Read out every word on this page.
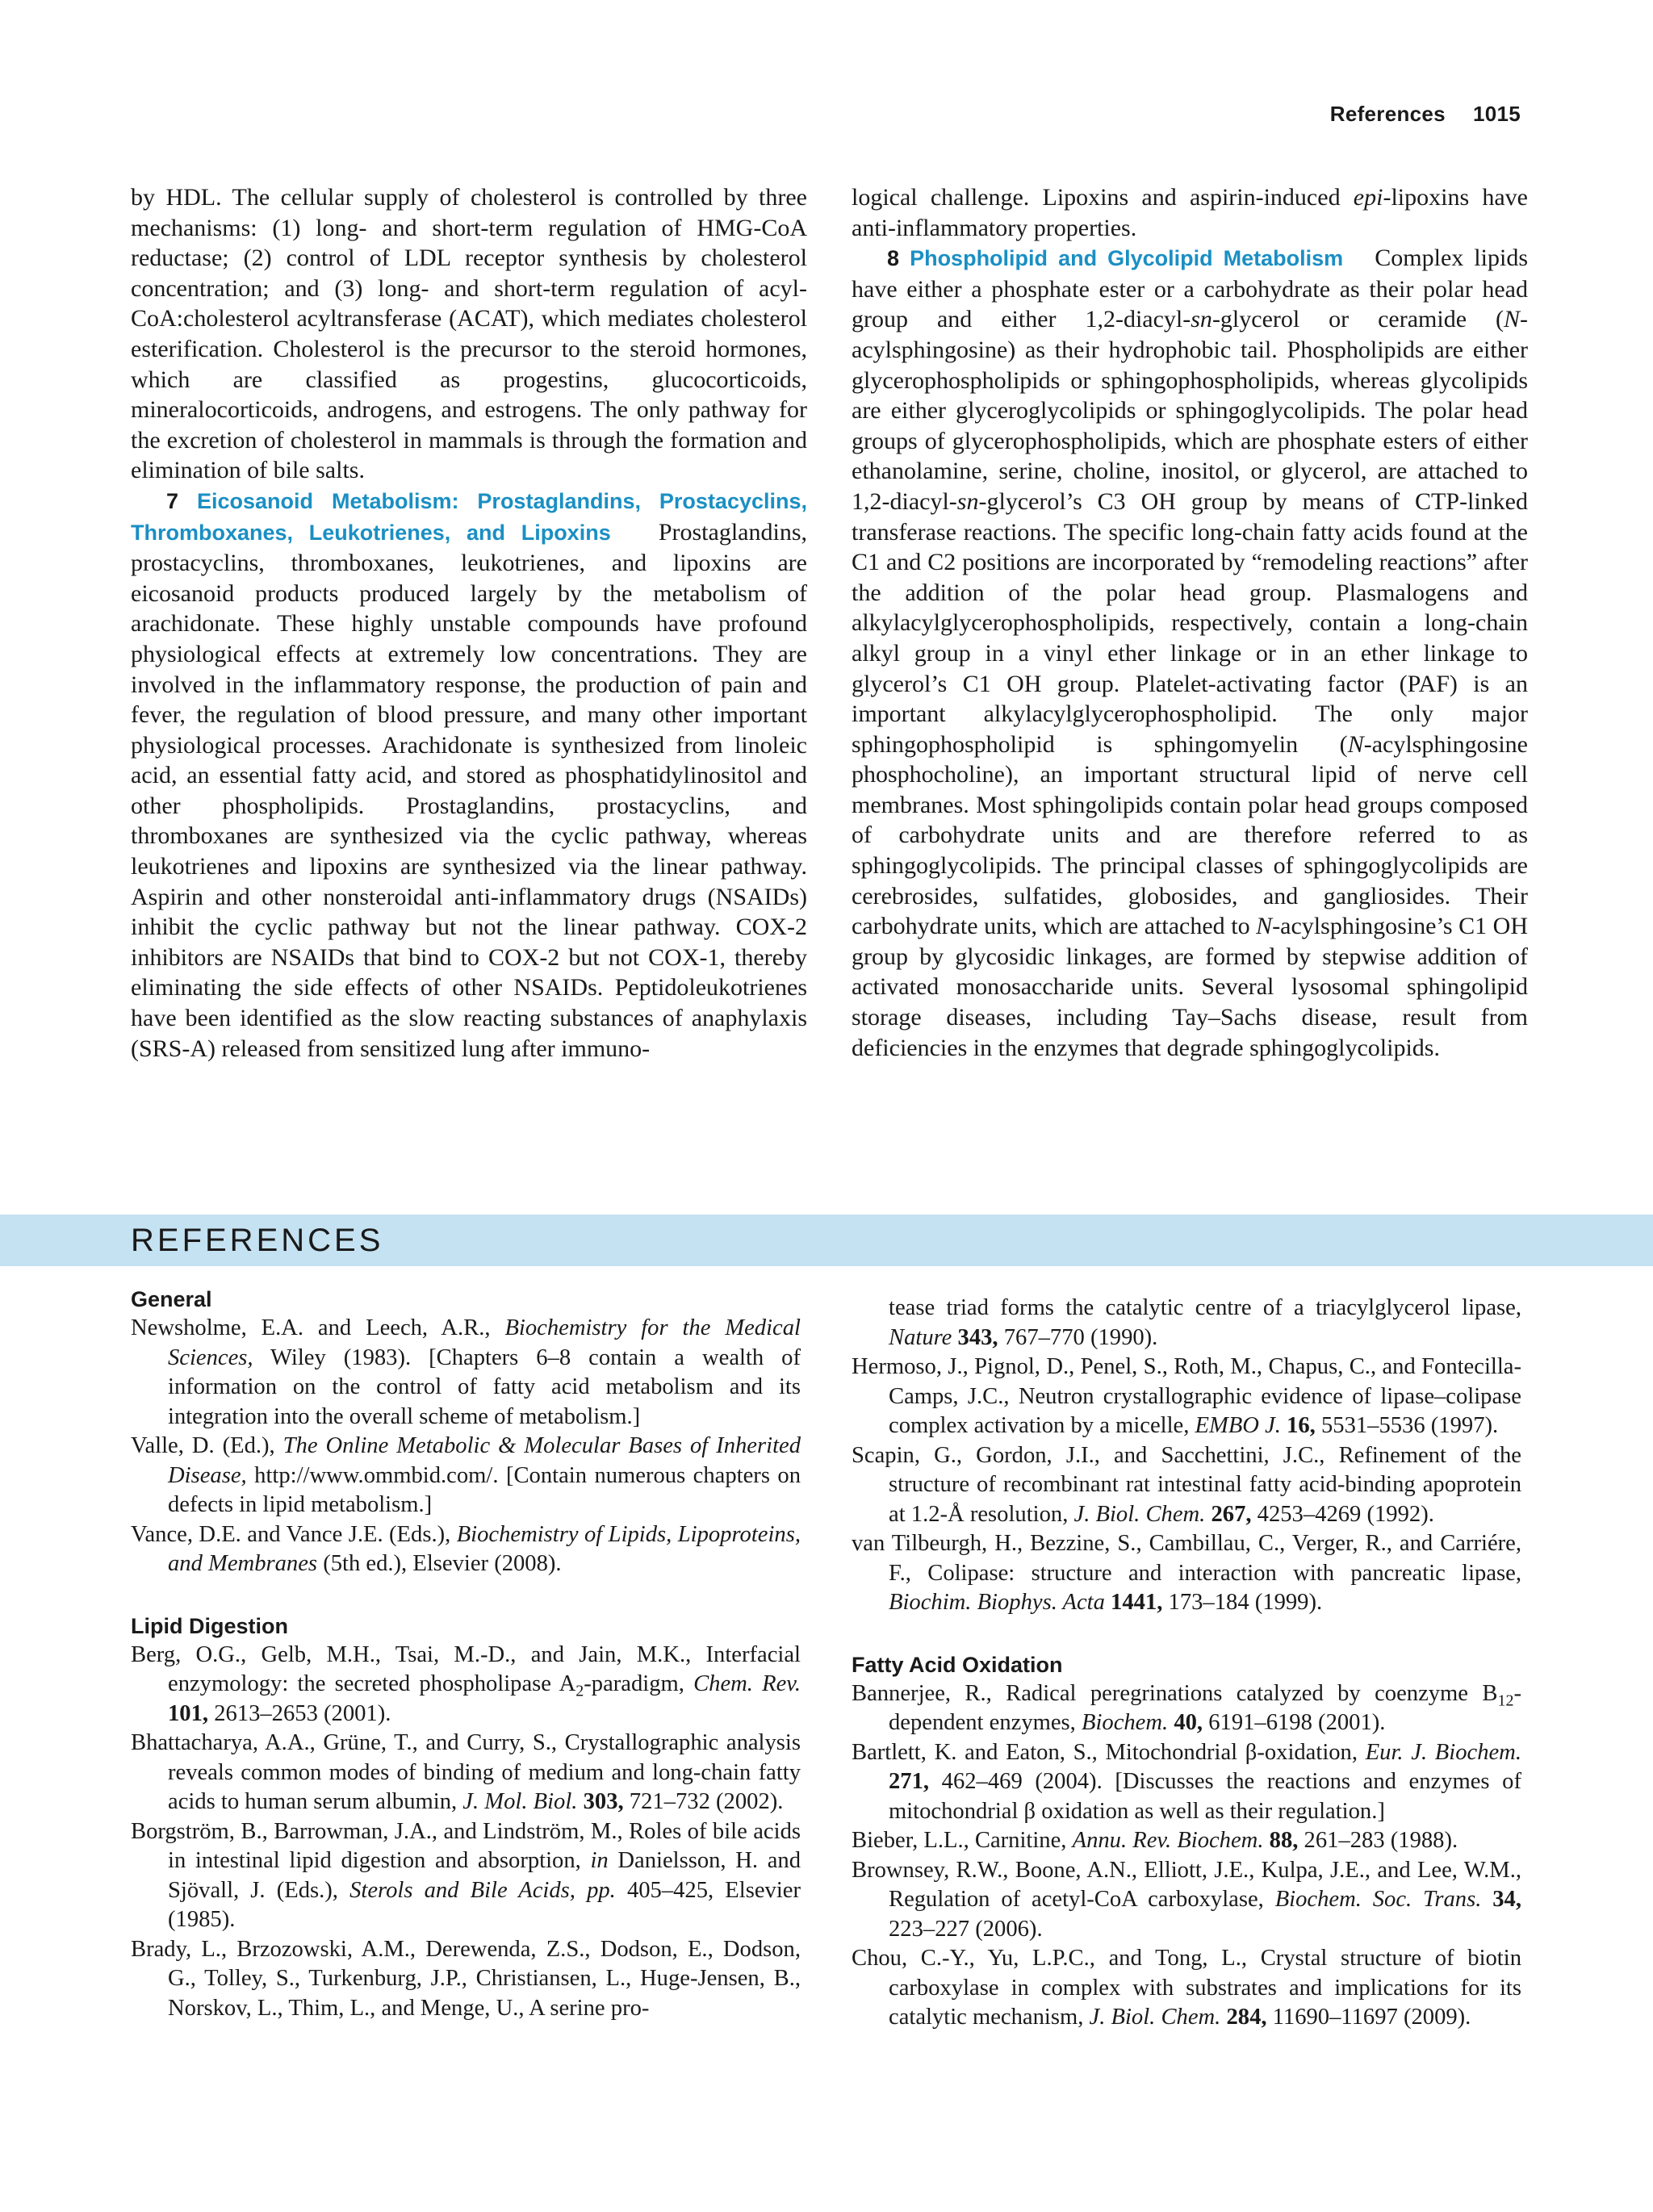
References 1015

by HDL. The cellular supply of cholesterol is controlled by three mechanisms: (1) long- and short-term regulation of HMG-CoA reductase; (2) control of LDL receptor synthesis by cholesterol concentration; and (3) long- and short-term regulation of acyl-CoA:cholesterol acyltransferase (ACAT), which mediates cholesterol esterification. Cholesterol is the precursor to the steroid hormones, which are classified as progestins, glucocorticoids, mineralocorticoids, androgens, and estrogens. The only pathway for the excretion of cholesterol in mammals is through the formation and elimination of bile salts.

7 Eicosanoid Metabolism: Prostaglandins, Prostacyclins, Thromboxanes, Leukotrienes, and Lipoxins Prostaglandins, prostacyclins, thromboxanes, leukotrienes, and lipoxins are eicosanoid products produced largely by the metabolism of arachidonate. These highly unstable compounds have profound physiological effects at extremely low concentrations. They are involved in the inflammatory response, the production of pain and fever, the regulation of blood pressure, and many other important physiological processes. Arachidonate is synthesized from linoleic acid, an essential fatty acid, and stored as phosphatidylinositol and other phospholipids. Prostaglandins, prostacyclins, and thromboxanes are synthesized via the cyclic pathway, whereas leukotrienes and lipoxins are synthesized via the linear pathway. Aspirin and other nonsteroidal anti-inflammatory drugs (NSAIDs) inhibit the cyclic pathway but not the linear pathway. COX-2 inhibitors are NSAIDs that bind to COX-2 but not COX-1, thereby eliminating the side effects of other NSAIDs. Peptidoleukotrienes have been identified as the slow reacting substances of anaphylaxis (SRS-A) released from sensitized lung after immuno-

logical challenge. Lipoxins and aspirin-induced epi-lipoxins have anti-inflammatory properties.

8 Phospholipid and Glycolipid Metabolism Complex lipids have either a phosphate ester or a carbohydrate as their polar head group and either 1,2-diacyl-sn-glycerol or ceramide (N-acylsphingosine) as their hydrophobic tail. Phospholipids are either glycerophospholipids or sphingophospholipids, whereas glycolipids are either glyceroglycolipids or sphingoglycolipids. The polar head groups of glycerophospholipids, which are phosphate esters of either ethanolamine, serine, choline, inositol, or glycerol, are attached to 1,2-diacyl-sn-glycerol’s C3 OH group by means of CTP-linked transferase reactions. The specific long-chain fatty acids found at the C1 and C2 positions are incorporated by “remodeling reactions” after the addition of the polar head group. Plasmalogens and alkylacylglycerophospholipids, respectively, contain a long-chain alkyl group in a vinyl ether linkage or in an ether linkage to glycerol’s C1 OH group. Platelet-activating factor (PAF) is an important alkylacylglycerophospholipid. The only major sphingophospholipid is sphingomyelin (N-acylsphingosine phosphocholine), an important structural lipid of nerve cell membranes. Most sphingolipids contain polar head groups composed of carbohydrate units and are therefore referred to as sphingoglycolipids. The principal classes of sphingoglycolipids are cerebrosides, sulfatides, globosides, and gangliosides. Their carbohydrate units, which are attached to N-acylsphingosine’s C1 OH group by glycosidic linkages, are formed by stepwise addition of activated monosaccharide units. Several lysosomal sphingolipid storage diseases, including Tay–Sachs disease, result from deficiencies in the enzymes that degrade sphingoglycolipids.

REFERENCES

General

Newsholme, E.A. and Leech, A.R., Biochemistry for the Medical Sciences, Wiley (1983). [Chapters 6–8 contain a wealth of information on the control of fatty acid metabolism and its integration into the overall scheme of metabolism.]

Valle, D. (Ed.), The Online Metabolic & Molecular Bases of Inherited Disease, http://www.ommbid.com/. [Contain numerous chapters on defects in lipid metabolism.]

Vance, D.E. and Vance J.E. (Eds.), Biochemistry of Lipids, Lipoproteins, and Membranes (5th ed.), Elsevier (2008).

Lipid Digestion

Berg, O.G., Gelb, M.H., Tsai, M.-D., and Jain, M.K., Interfacial enzymology: the secreted phospholipase $A_2$-paradigm, Chem. Rev. 101, 2613–2653 (2001).

Bhattacharya, A.A., Grüne, T., and Curry, S., Crystallographic analysis reveals common modes of binding of medium and long-chain fatty acids to human serum albumin, J. Mol. Biol. 303, 721–732 (2002).

Borgström, B., Barrowman, J.A., and Lindström, M., Roles of bile acids in intestinal lipid digestion and absorption, in Danielsson, H. and Sjövall, J. (Eds.), Sterols and Bile Acids, pp. 405–425, Elsevier (1985).

Brady, L., Brzozowski, A.M., Derewenda, Z.S., Dodson, E., Dodson, G., Tolley, S., Turkenburg, J.P., Christiansen, L., Huge-Jensen, B., Norskov, L., Thim, L., and Menge, U., A serine pro-

tease triad forms the catalytic centre of a triacylglycerol lipase, Nature 343, 767–770 (1990).

Hermoso, J., Pignol, D., Penel, S., Roth, M., Chapus, C., and Fontecilla-Camps, J.C., Neutron crystallographic evidence of lipase–colipase complex activation by a micelle, EMBO J. 16, 5531–5536 (1997).

Scapin, G., Gordon, J.I., and Sacchettini, J.C., Refinement of the structure of recombinant rat intestinal fatty acid-binding apoprotein at 1.2-Å resolution, J. Biol. Chem. 267, 4253–4269 (1992).

van Tilbeurgh, H., Bezzine, S., Cambillau, C., Verger, R., and Carriére, F., Colipase: structure and interaction with pancreatic lipase, Biochim. Biophys. Acta 1441, 173–184 (1999).

Fatty Acid Oxidation

Bannerjee, R., Radical peregrinations catalyzed by coenzyme $B_{12}$-dependent enzymes, Biochem. 40, 6191–6198 (2001).

Bartlett, K. and Eaton, S., Mitochondrial β-oxidation, Eur. J. Biochem. 271, 462–469 (2004). [Discusses the reactions and enzymes of mitochondrial β oxidation as well as their regulation.]

Bieber, L.L., Carnitine, Annu. Rev. Biochem. 88, 261–283 (1988).

Brownsey, R.W., Boone, A.N., Elliott, J.E., Kulpa, J.E., and Lee, W.M., Regulation of acetyl-CoA carboxylase, Biochem. Soc. Trans. 34, 223–227 (2006).

Chou, C.-Y., Yu, L.P.C., and Tong, L., Crystal structure of biotin carboxylase in complex with substrates and implications for its catalytic mechanism, J. Biol. Chem. 284, 11690–11697 (2009).
